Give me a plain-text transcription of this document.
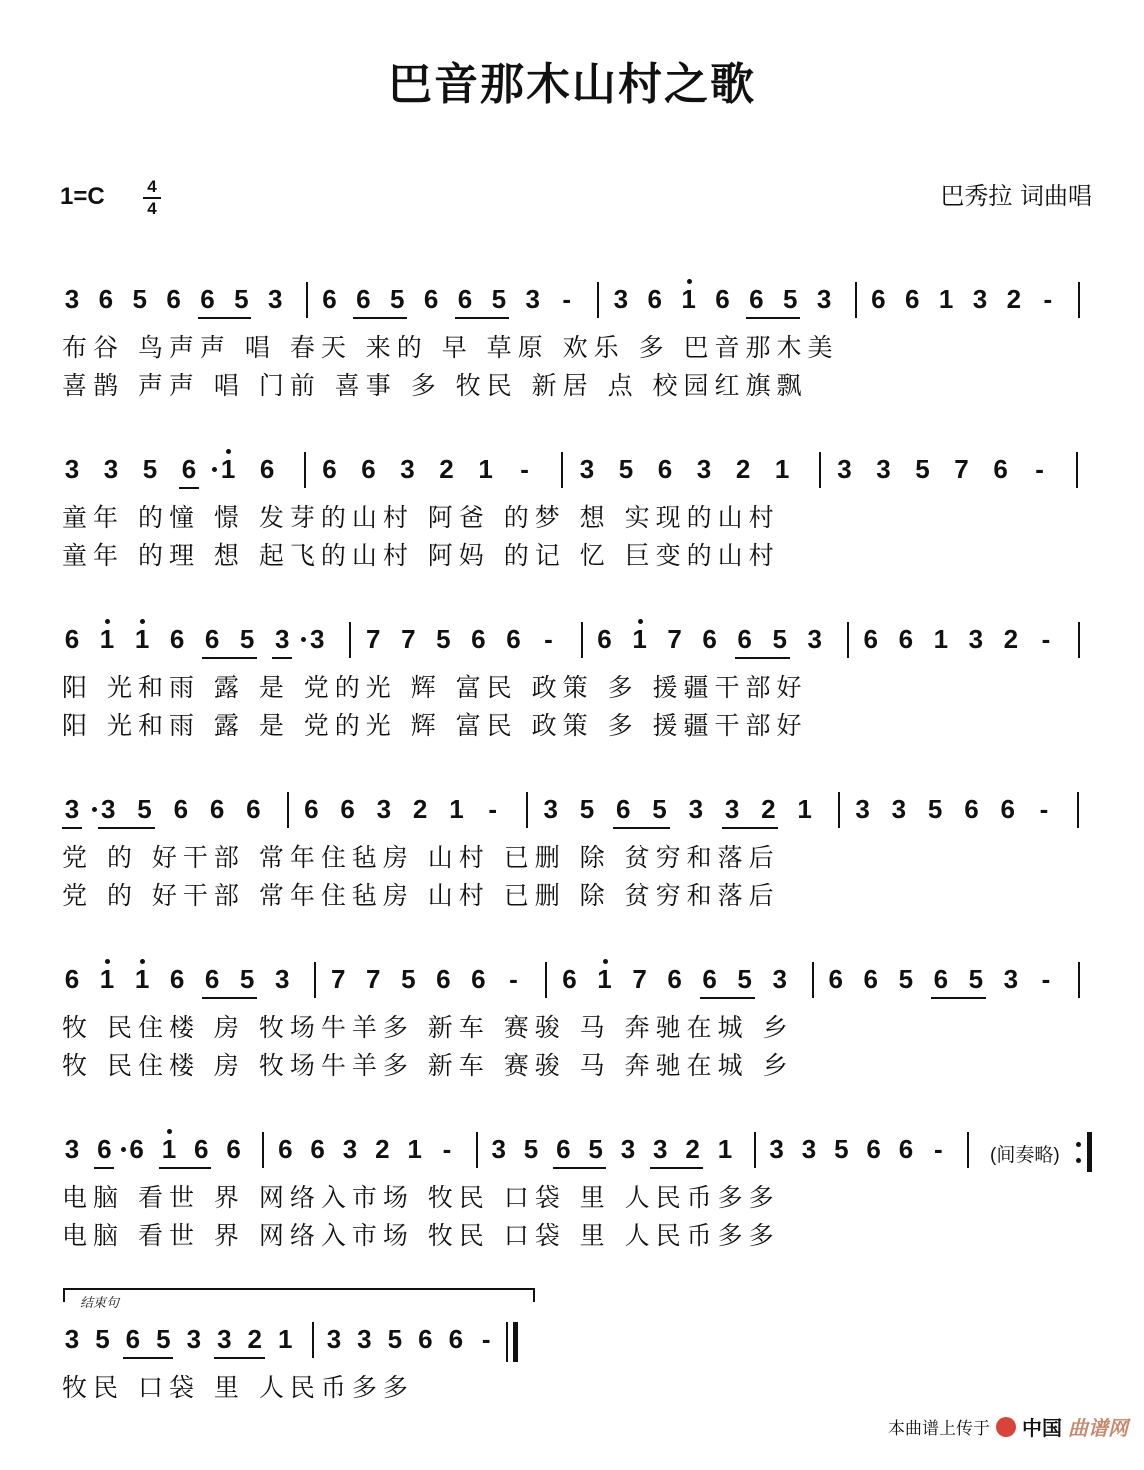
巴音那木山村之歌
1=C	4
4	巴秀拉 词曲唱
3 6 5 6 6 5 3 6 6 5 6 6 5 3 - 3 6 1 6 6 5 3 6 6 1 3 2 -
布谷 鸟声声 唱 春天 来的 早 草原 欢乐 多 巴音那木美
喜鹊 声声 唱 门前 喜事 多 牧民 新居 点 校园红旗飘
3 3 5 6 1 6 6 6 3 2 1 - 3 5 6 3 2 1 3 3 5 7 6 -
童年 的憧 憬 发芽的山村 阿爸 的梦 想 实现的山村
童年 的理 想 起飞的山村 阿妈 的记 忆 巨变的山村
6 1 1 6 6 5 3 3 7 7 5 6 6 - 6 1 7 6 6 5 3 6 6 1 3 2 -
阳 光和雨 露 是 党的光 辉 富民 政策 多 援疆干部好
阳 光和雨 露 是 党的光 辉 富民 政策 多 援疆干部好
3 3 5 6 6 6 6 6 3 2 1 - 3 5 6 5 3 3 2 1 3 3 5 6 6 -
党 的 好干部 常年住毡房 山村 已删 除 贫穷和落后
党 的 好干部 常年住毡房 山村 已删 除 贫穷和落后
6 1 1 6 6 5 3 7 7 5 6 6 - 6 1 7 6 6 5 3 6 6 5 6 5 3 -
牧 民住楼 房 牧场牛羊多 新车 赛骏 马 奔驰在城 乡
牧 民住楼 房 牧场牛羊多 新车 赛骏 马 奔驰在城 乡
3 6 6 1 6 6 6 6 3 2 1 - 3 5 6 5 3 3 2 1 3 3 5 6 6 - (间奏略)
电脑 看世 界 网络入市场 牧民 口袋 里 人民币多多
电脑 看世 界 网络入市场 牧民 口袋 里 人民币多多
3 5 6 5 3 3 2 1 3 3 5 6 6 -
牧民 口袋 里 人民币多多
结束句
本曲谱上传于 中国 曲谱网
